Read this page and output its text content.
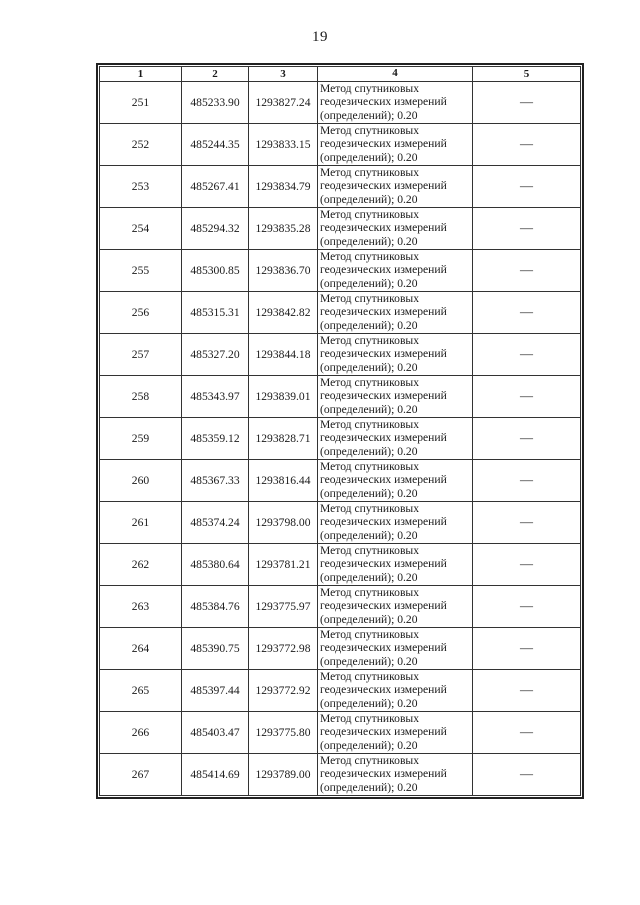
19
1	2	3	4	5
251	485233.90	1293827.24	Метод спутниковых
геодезических измерений
(определений); 0.20	—
252	485244.35	1293833.15	Метод спутниковых
геодезических измерений
(определений); 0.20	—
253	485267.41	1293834.79	Метод спутниковых
геодезических измерений
(определений); 0.20	—
254	485294.32	1293835.28	Метод спутниковых
геодезических измерений
(определений); 0.20	—
255	485300.85	1293836.70	Метод спутниковых
геодезических измерений
(определений); 0.20	—
256	485315.31	1293842.82	Метод спутниковых
геодезических измерений
(определений); 0.20	—
257	485327.20	1293844.18	Метод спутниковых
геодезических измерений
(определений); 0.20	—
258	485343.97	1293839.01	Метод спутниковых
геодезических измерений
(определений); 0.20	—
259	485359.12	1293828.71	Метод спутниковых
геодезических измерений
(определений); 0.20	—
260	485367.33	1293816.44	Метод спутниковых
геодезических измерений
(определений); 0.20	—
261	485374.24	1293798.00	Метод спутниковых
геодезических измерений
(определений); 0.20	—
262	485380.64	1293781.21	Метод спутниковых
геодезических измерений
(определений); 0.20	—
263	485384.76	1293775.97	Метод спутниковых
геодезических измерений
(определений); 0.20	—
264	485390.75	1293772.98	Метод спутниковых
геодезических измерений
(определений); 0.20	—
265	485397.44	1293772.92	Метод спутниковых
геодезических измерений
(определений); 0.20	—
266	485403.47	1293775.80	Метод спутниковых
геодезических измерений
(определений); 0.20	—
267	485414.69	1293789.00	Метод спутниковых
геодезических измерений
(определений); 0.20	—
